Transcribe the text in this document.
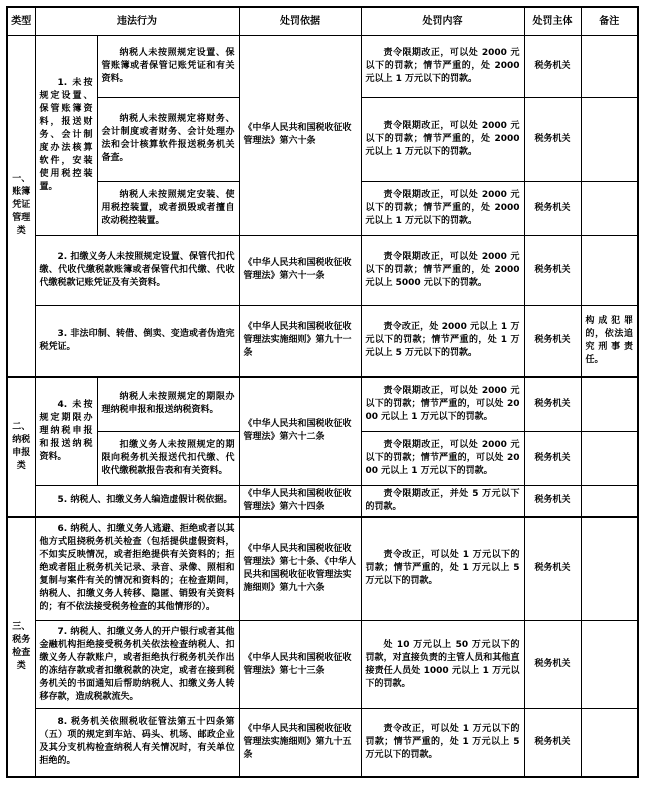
类型	违法行为		处罚依据	处罚内容	处罚主体	备注
一、账簿凭证管理类	1. 未按规定设置、保管账簿资料，报送财务、会计制度办法核算软件，安装使用税控装置。	纳税人未按照规定设置、保管账簿或者保管记账凭证和有关资料。	《中华人民共和国税收征收管理法》第六十条	责令限期改正，可以处 2000 元以下的罚款；情节严重的，处 2000 元以上 1 万元以下的罚款。	税务机关	
		纳税人未按照规定将财务、会计制度或者财务、会计处理办法和会计核算软件报送税务机关备查。		责令限期改正，可以处 2000 元以下的罚款；情节严重的，处 2000 元以上 1 万元以下的罚款。	税务机关	
		纳税人未按照规定安装、使用税控装置，或者损毁或者擅自改动税控装置。		责令限期改正，可以处 2000 元以下的罚款；情节严重的，处 2000 元以上 1 万元以下的罚款。	税务机关	
	2. 扣缴义务人未按照规定设置、保管代扣代缴、代收代缴税款账簿或者保管代扣代缴、代收代缴税款记账凭证及有关资料。		《中华人民共和国税收征收管理法》第六十一条	责令限期改正，可以处 2000 元以下的罚款；情节严重的，处 2000 元以上 5000 元以下的罚款。	税务机关	
	3. 非法印制、转借、倒卖、变造或者伪造完税凭证。		《中华人民共和国税收征收管理法实施细则》第九十一条	责令改正，处 2000 元以上 1 万元以下的罚款；情节严重的，处 1 万元以上 5 万元以下的罚款。	税务机关	构成犯罪的，依法追究刑事责任。
二、纳税申报类	4. 未按规定期限办理纳税申报和报送纳税资料。	纳税人未按照规定的期限办理纳税申报和报送纳税资料。	《中华人民共和国税收征收管理法》第六十二条	责令限期改正，可以处 2000 元以下的罚款；情节严重的，可以处 2000 元以上 1 万元以下的罚款。	税务机关	
		扣缴义务人未按照规定的期限向税务机关报送代扣代缴、代收代缴税款报告表和有关资料。		责令限期改正，可以处 2000 元以下的罚款；情节严重的，可以处 2000 元以上 1 万元以下的罚款。	税务机关	
	5. 纳税人、扣缴义务人编造虚假计税依据。		《中华人民共和国税收征收管理法》第六十四条	责令限期改正，并处 5 万元以下的罚款。	税务机关	
三、税务检查类	6. 纳税人、扣缴义务人逃避、拒绝或者以其他方式阻挠税务机关检查（包括提供虚假资料，不如实反映情况，或者拒绝提供有关资料的；拒绝或者阻止税务机关记录、录音、录像、照相和复制与案件有关的情况和资料的；在检查期间，纳税人、扣缴义务人转移、隐匿、销毁有关资料的；有不依法接受税务检查的其他情形的）。		《中华人民共和国税收征收管理法》第七十条、《中华人民共和国税收征收管理法实施细则》第九十六条	责令改正，可以处 1 万元以下的罚款；情节严重的，处 1 万元以上 5 万元以下的罚款。	税务机关	
	7. 纳税人、扣缴义务人的开户银行或者其他金融机构拒绝接受税务机关依法检查纳税人、扣缴义务人存款账户，或者拒绝执行税务机关作出的冻结存款或者扣缴税款的决定，或者在接到税务机关的书面通知后帮助纳税人、扣缴义务人转移存款，造成税款流失。		《中华人民共和国税收征收管理法》第七十三条	处 10 万元以上 50 万元以下的罚款，对直接负责的主管人员和其他直接责任人员处 1000 元以上 1 万元以下的罚款。	税务机关	
	8. 税务机关依照税收征管法第五十四条第（五）项的规定到车站、码头、机场、邮政企业及其分支机构检查纳税人有关情况时，有关单位拒绝的。		《中华人民共和国税收征收管理法实施细则》第九十五条	责令改正，可以处 1 万元以下的罚款；情节严重的，处 1 万元以上 5 万元以下的罚款。	税务机关	
